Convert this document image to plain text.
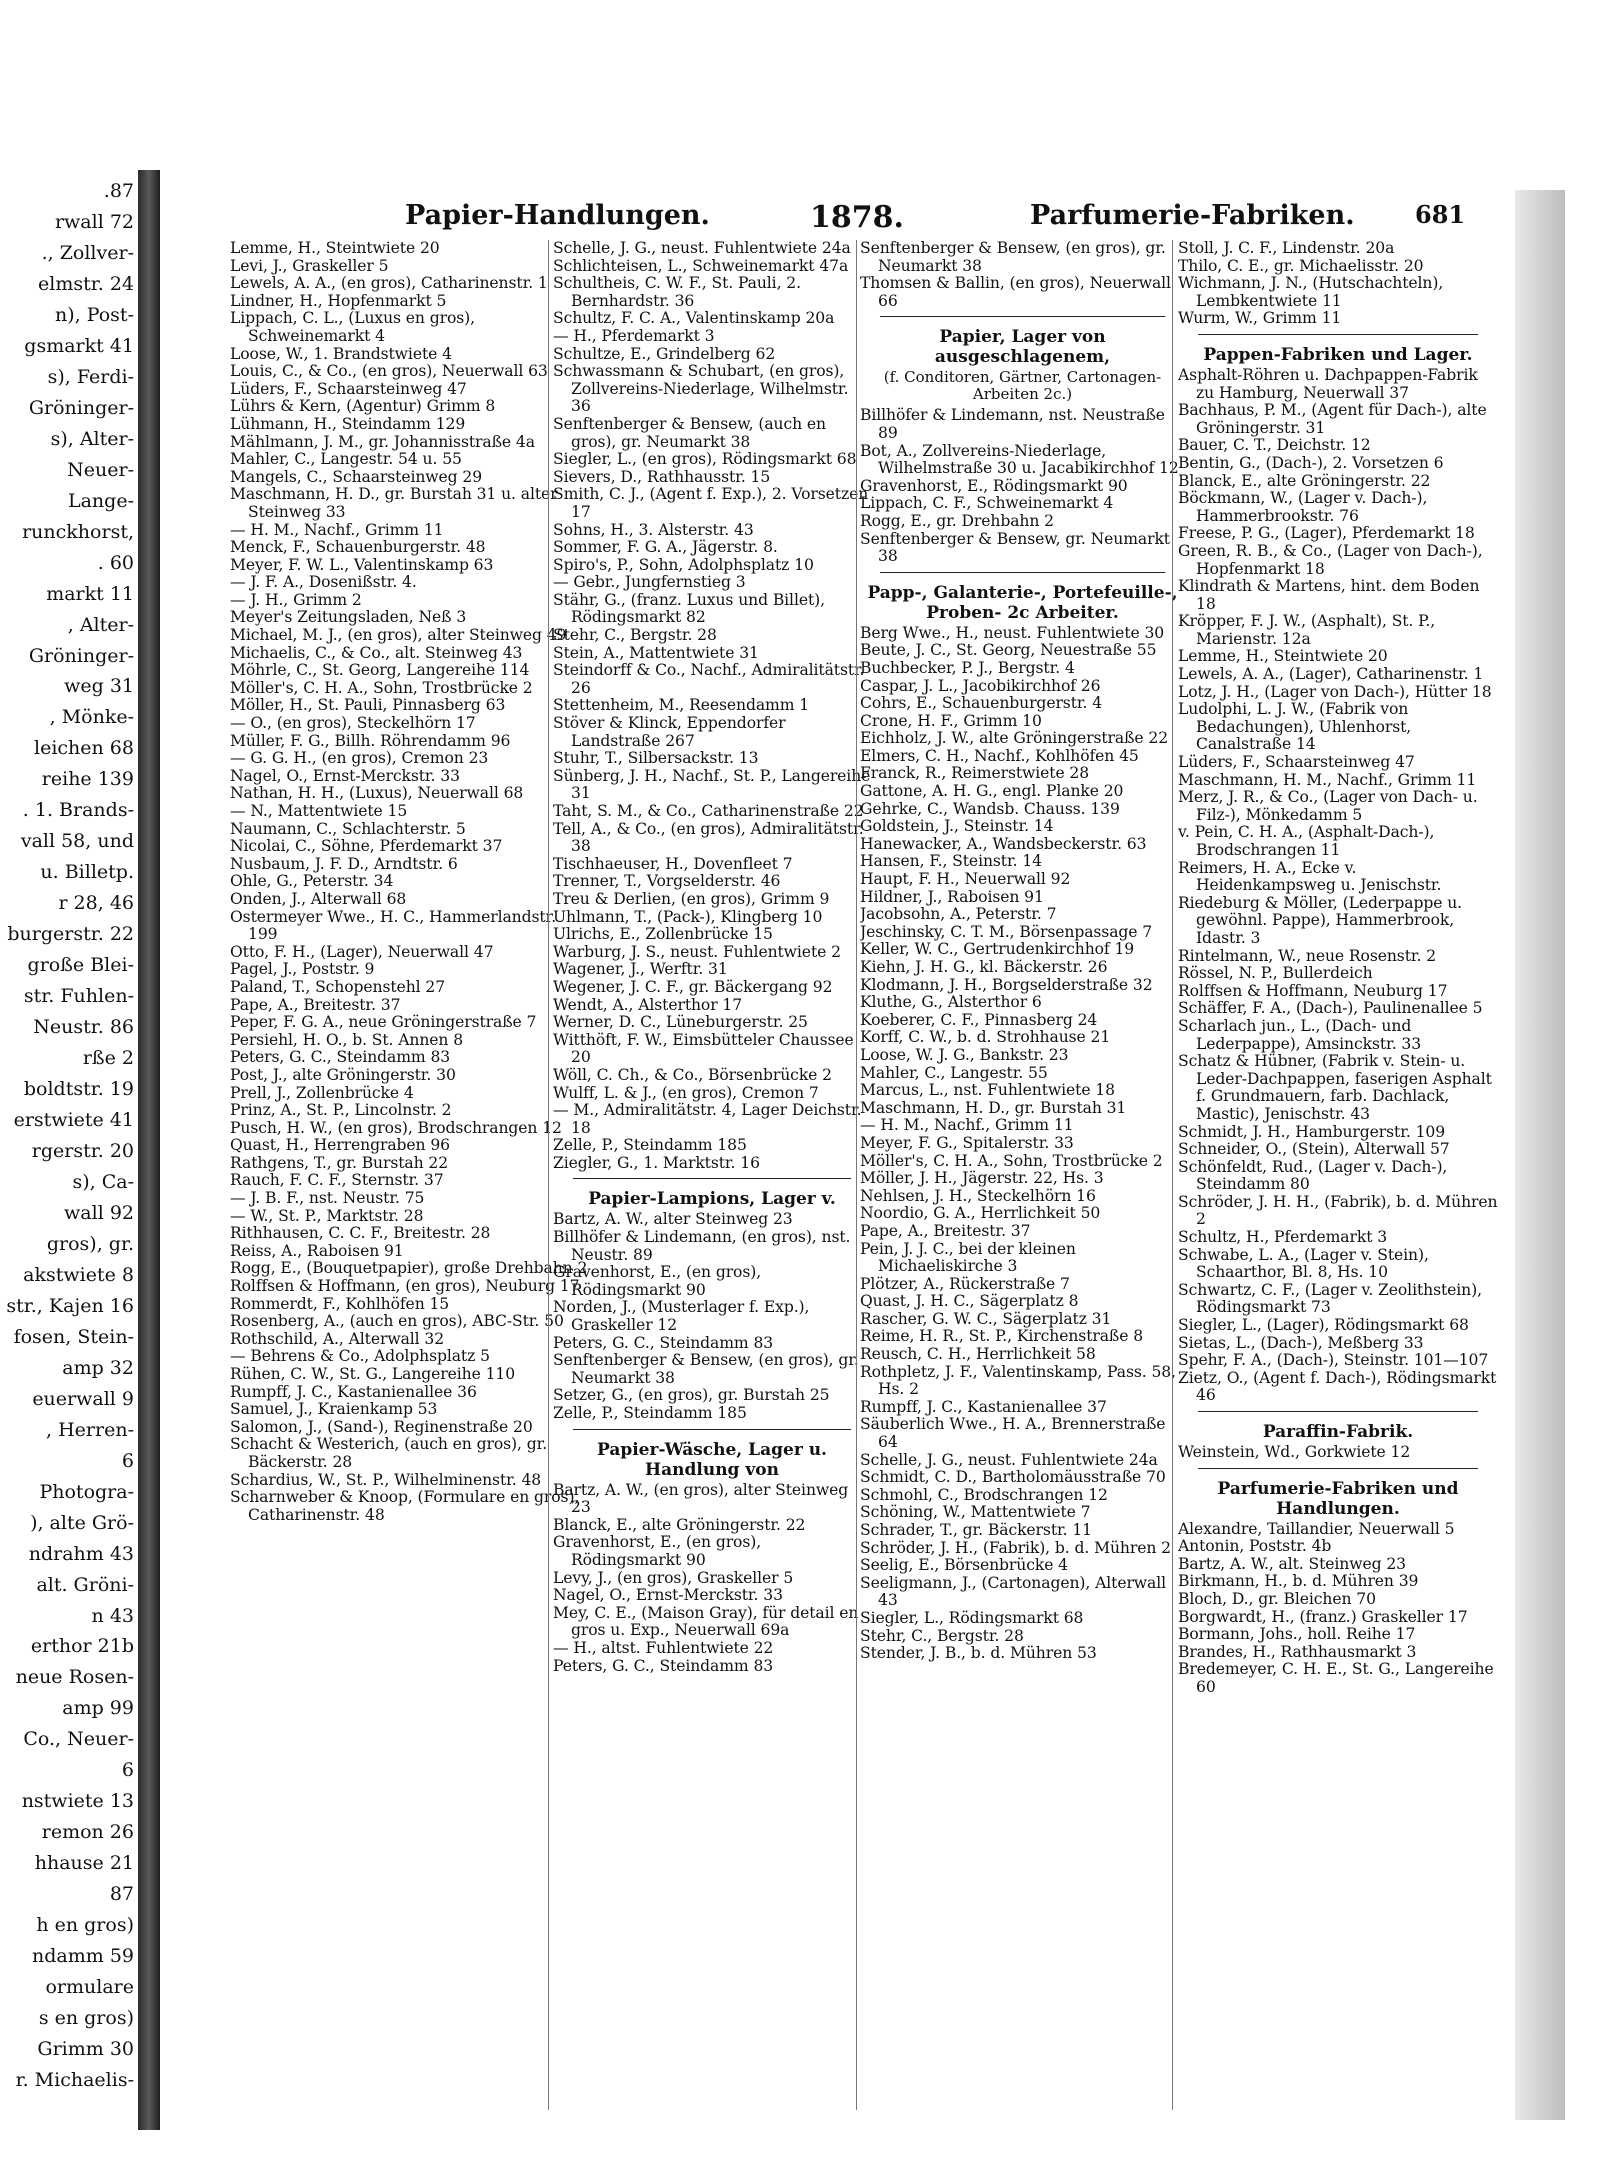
.87
rwall 72
., Zollver-
elmstr. 24
n), Post-
gsmarkt 41
s), Ferdi-
Gröninger-
s), Alter-
Neuer-
Lange-
runckhorst,
. 60
markt 11
, Alter-
Gröninger-
weg 31
, Mönke-
leichen 68
reihe 139
. 1. Brands-
vall 58, und
u. Billetp.
r 28, 46
burgerstr. 22
große Blei-
str. Fuhlen-
Neustr. 86
rße 2
boldtstr. 19
erstwiete 41
rgerstr. 20
s), Ca-
wall 92
gros), gr.
akstwiete 8
str., Kajen 16
fosen, Stein-
amp 32
euerwall 9
, Herren-
6
Photogra-
), alte Grö-
ndrahm 43
alt. Gröni-
n 43
erthor 21b
neue Rosen-
amp 99
Co., Neuer-
6
nstwiete 13
remon 26
hhause 21
87
h en gros)
ndamm 59
ormulare
s en gros)
Grimm 30
r. Michaelis-
Papier-Handlungen.	1878.	Parfumerie-Fabriken.	681

Lemme, H., Steintwiete 20

Levi, J., Graskeller 5

Lewels, A. A., (en gros), Catharinenstr. 1

Lindner, H., Hopfenmarkt 5

Lippach, C. L., (Luxus en gros), Schweinemarkt 4

Loose, W., 1. Brandstwiete 4

Louis, C., & Co., (en gros), Neuerwall 63

Lüders, F., Schaarsteinweg 47

Lührs & Kern, (Agentur) Grimm 8

Lühmann, H., Steindamm 129

Mählmann, J. M., gr. Johannisstraße 4a

Mahler, C., Langestr. 54 u. 55

Mangels, C., Schaarsteinweg 29

Maschmann, H. D., gr. Burstah 31 u. alter Steinweg 33

— H. M., Nachf., Grimm 11

Menck, F., Schauenburgerstr. 48

Meyer, F. W. L., Valentinskamp 63

— J. F. A., Dosenißstr. 4.

— J. H., Grimm 2

Meyer's Zeitungsladen, Neß 3

Michael, M. J., (en gros), alter Steinweg 49

Michaelis, C., & Co., alt. Steinweg 43

Möhrle, C., St. Georg, Langereihe 114

Möller's, C. H. A., Sohn, Trostbrücke 2

Möller, H., St. Pauli, Pinnasberg 63

— O., (en gros), Steckelhörn 17

Müller, F. G., Billh. Röhrendamm 96

— G. G. H., (en gros), Cremon 23

Nagel, O., Ernst-Merckstr. 33

Nathan, H. H., (Luxus), Neuerwall 68

— N., Mattentwiete 15

Naumann, C., Schlachterstr. 5

Nicolai, C., Söhne, Pferdemarkt 37

Nusbaum, J. F. D., Arndtstr. 6

Ohle, G., Peterstr. 34

Onden, J., Alterwall 68

Ostermeyer Wwe., H. C., Hammerlandstr. 199

Otto, F. H., (Lager), Neuerwall 47

Pagel, J., Poststr. 9

Paland, T., Schopenstehl 27

Pape, A., Breitestr. 37

Peper, F. G. A., neue Gröningerstraße 7

Persiehl, H. O., b. St. Annen 8

Peters, G. C., Steindamm 83

Post, J., alte Gröningerstr. 30

Prell, J., Zollenbrücke 4

Prinz, A., St. P., Lincolnstr. 2

Pusch, H. W., (en gros), Brodschrangen 12

Quast, H., Herrengraben 96

Rathgens, T., gr. Burstah 22

Rauch, F. C. F., Sternstr. 37

— J. B. F., nst. Neustr. 75

— W., St. P., Marktstr. 28

Rithhausen, C. C. F., Breitestr. 28

Reiss, A., Raboisen 91

Rogg, E., (Bouquetpapier), große Drehbahn 2

Rolffsen & Hoffmann, (en gros), Neuburg 17

Rommerdt, F., Kohlhöfen 15

Rosenberg, A., (auch en gros), ABC-Str. 50

Rothschild, A., Alterwall 32

— Behrens & Co., Adolphsplatz 5

Rühen, C. W., St. G., Langereihe 110

Rumpff, J. C., Kastanienallee 36

Samuel, J., Kraienkamp 53

Salomon, J., (Sand-), Reginenstraße 20

Schacht & Westerich, (auch en gros), gr. Bäckerstr. 28

Schardius, W., St. P., Wilhelminenstr. 48

Scharnweber & Knoop, (Formulare en gros), Catharinenstr. 48

Schelle, J. G., neust. Fuhlentwiete 24a

Schlichteisen, L., Schweinemarkt 47a

Schultheis, C. W. F., St. Pauli, 2. Bernhardstr. 36

Schultz, F. C. A., Valentinskamp 20a

— H., Pferdemarkt 3

Schultze, E., Grindelberg 62

Schwassmann & Schubart, (en gros), Zollvereins-Niederlage, Wilhelmstr. 36

Senftenberger & Bensew, (auch en gros), gr. Neumarkt 38

Siegler, L., (en gros), Rödingsmarkt 68

Sievers, D., Rathhausstr. 15

Smith, C. J., (Agent f. Exp.), 2. Vorsetzen 17

Sohns, H., 3. Alsterstr. 43

Sommer, F. G. A., Jägerstr. 8.

Spiro's, P., Sohn, Adolphsplatz 10

— Gebr., Jungfernstieg 3

Stähr, G., (franz. Luxus und Billet), Rödingsmarkt 82

Stehr, C., Bergstr. 28

Stein, A., Mattentwiete 31

Steindorff & Co., Nachf., Admiralitätstr. 26

Stettenheim, M., Reesendamm 1

Stöver & Klinck, Eppendorfer Landstraße 267

Stuhr, T., Silbersackstr. 13

Sünberg, J. H., Nachf., St. P., Langereihe 31

Taht, S. M., & Co., Catharinenstraße 22

Tell, A., & Co., (en gros), Admiralitätstr. 38

Tischhaeuser, H., Dovenfleet 7

Trenner, T., Vorgselderstr. 46

Treu & Derlien, (en gros), Grimm 9

Uhlmann, T., (Pack-), Klingberg 10

Ulrichs, E., Zollenbrücke 15

Warburg, J. S., neust. Fuhlentwiete 2

Wagener, J., Werftr. 31

Wegener, J. C. F., gr. Bäckergang 92

Wendt, A., Alsterthor 17

Werner, D. C., Lüneburgerstr. 25

Witthöft, F. W., Eimsbütteler Chaussee 20

Wöll, C. Ch., & Co., Börsenbrücke 2

Wulff, L. & J., (en gros), Cremon 7

— M., Admiralitätstr. 4, Lager Deichstr. 18

Zelle, P., Steindamm 185

Ziegler, G., 1. Marktstr. 16

Papier-Lampions, Lager v.

Bartz, A. W., alter Steinweg 23

Billhöfer & Lindemann, (en gros), nst. Neustr. 89

Gravenhorst, E., (en gros), Rödingsmarkt 90

Norden, J., (Musterlager f. Exp.), Graskeller 12

Peters, G. C., Steindamm 83

Senftenberger & Bensew, (en gros), gr. Neumarkt 38

Setzer, G., (en gros), gr. Burstah 25

Zelle, P., Steindamm 185

Papier-Wäsche, Lager u. Handlung von

Bartz, A. W., (en gros), alter Steinweg 23

Blanck, E., alte Gröningerstr. 22

Gravenhorst, E., (en gros), Rödingsmarkt 90

Levy, J., (en gros), Graskeller 5

Nagel, O., Ernst-Merckstr. 33

Mey, C. E., (Maison Gray), für detail en gros u. Exp., Neuerwall 69a

— H., altst. Fuhlentwiete 22

Peters, G. C., Steindamm 83

Senftenberger & Bensew, (en gros), gr. Neumarkt 38

Thomsen & Ballin, (en gros), Neuerwall 66

Papier, Lager von ausgeschlagenem,

(f. Conditoren, Gärtner, Cartonagen-Arbeiten 2c.)

Billhöfer & Lindemann, nst. Neustraße 89

Bot, A., Zollvereins-Niederlage, Wilhelmstraße 30 u. Jacabikirchhof 12

Gravenhorst, E., Rödingsmarkt 90

Lippach, C. F., Schweinemarkt 4

Rogg, E., gr. Drehbahn 2

Senftenberger & Bensew, gr. Neumarkt 38

Papp-, Galanterie-, Portefeuille-, Proben- 2c Arbeiter.

Berg Wwe., H., neust. Fuhlentwiete 30

Beute, J. C., St. Georg, Neuestraße 55

Buchbecker, P. J., Bergstr. 4

Caspar, J. L., Jacobikirchhof 26

Cohrs, E., Schauenburgerstr. 4

Crone, H. F., Grimm 10

Eichholz, J. W., alte Gröningerstraße 22

Elmers, C. H., Nachf., Kohlhöfen 45

Franck, R., Reimerstwiete 28

Gattone, A. H. G., engl. Planke 20

Gehrke, C., Wandsb. Chauss. 139

Goldstein, J., Steinstr. 14

Hanewacker, A., Wandsbeckerstr. 63

Hansen, F., Steinstr. 14

Haupt, F. H., Neuerwall 92

Hildner, J., Raboisen 91

Jacobsohn, A., Peterstr. 7

Jeschinsky, C. T. M., Börsenpassage 7

Keller, W. C., Gertrudenkirchhof 19

Kiehn, J. H. G., kl. Bäckerstr. 26

Klodmann, J. H., Borgselderstraße 32

Kluthe, G., Alsterthor 6

Koeberer, C. F., Pinnasberg 24

Korff, C. W., b. d. Strohhause 21

Loose, W. J. G., Bankstr. 23

Mahler, C., Langestr. 55

Marcus, L., nst. Fuhlentwiete 18

Maschmann, H. D., gr. Burstah 31

— H. M., Nachf., Grimm 11

Meyer, F. G., Spitalerstr. 33

Möller's, C. H. A., Sohn, Trostbrücke 2

Möller, J. H., Jägerstr. 22, Hs. 3

Nehlsen, J. H., Steckelhörn 16

Noordio, G. A., Herrlichkeit 50

Pape, A., Breitestr. 37

Pein, J. J. C., bei der kleinen Michaeliskirche 3

Plötzer, A., Rückerstraße 7

Quast, J. H. C., Sägerplatz 8

Rascher, G. W. C., Sägerplatz 31

Reime, H. R., St. P., Kirchenstraße 8

Reusch, C. H., Herrlichkeit 58

Rothpletz, J. F., Valentinskamp, Pass. 58, Hs. 2

Rumpff, J. C., Kastanienallee 37

Säuberlich Wwe., H. A., Brennerstraße 64

Schelle, J. G., neust. Fuhlentwiete 24a

Schmidt, C. D., Bartholomäusstraße 70

Schmohl, C., Brodschrangen 12

Schöning, W., Mattentwiete 7

Schrader, T., gr. Bäckerstr. 11

Schröder, J. H., (Fabrik), b. d. Mühren 2

Seelig, E., Börsenbrücke 4

Seeligmann, J., (Cartonagen), Alterwall 43

Siegler, L., Rödingsmarkt 68

Stehr, C., Bergstr. 28

Stender, J. B., b. d. Mühren 53

Stoll, J. C. F., Lindenstr. 20a

Thilo, C. E., gr. Michaelisstr. 20

Wichmann, J. N., (Hutschachteln), Lembkentwiete 11

Wurm, W., Grimm 11

Pappen-Fabriken und Lager.

Asphalt-Röhren u. Dachpappen-Fabrik zu Hamburg, Neuerwall 37

Bachhaus, P. M., (Agent für Dach-), alte Gröningerstr. 31

Bauer, C. T., Deichstr. 12

Bentin, G., (Dach-), 2. Vorsetzen 6

Blanck, E., alte Gröningerstr. 22

Böckmann, W., (Lager v. Dach-), Hammerbrookstr. 76

Freese, P. G., (Lager), Pferdemarkt 18

Green, R. B., & Co., (Lager von Dach-), Hopfenmarkt 18

Klindrath & Martens, hint. dem Boden 18

Kröpper, F. J. W., (Asphalt), St. P., Marienstr. 12a

Lemme, H., Steintwiete 20

Lewels, A. A., (Lager), Catharinenstr. 1

Lotz, J. H., (Lager von Dach-), Hütter 18

Ludolphi, L. J. W., (Fabrik von Bedachungen), Uhlenhorst, Canalstraße 14

Lüders, F., Schaarsteinweg 47

Maschmann, H. M., Nachf., Grimm 11

Merz, J. R., & Co., (Lager von Dach- u. Filz-), Mönkedamm 5

v. Pein, C. H. A., (Asphalt-Dach-), Brodschrangen 11

Reimers, H. A., Ecke v. Heidenkampsweg u. Jenischstr.

Riedeburg & Möller, (Lederpappe u. gewöhnl. Pappe), Hammerbrook, Idastr. 3

Rintelmann, W., neue Rosenstr. 2

Rössel, N. P., Bullerdeich

Rolffsen & Hoffmann, Neuburg 17

Schäffer, F. A., (Dach-), Paulinenallee 5

Scharlach jun., L., (Dach- und Lederpappe), Amsinckstr. 33

Schatz & Hübner, (Fabrik v. Stein- u. Leder-Dachpappen, faserigen Asphalt f. Grundmauern, farb. Dachlack, Mastic), Jenischstr. 43

Schmidt, J. H., Hamburgerstr. 109

Schneider, O., (Stein), Alterwall 57

Schönfeldt, Rud., (Lager v. Dach-), Steindamm 80

Schröder, J. H. H., (Fabrik), b. d. Mühren 2

Schultz, H., Pferdemarkt 3

Schwabe, L. A., (Lager v. Stein), Schaarthor, Bl. 8, Hs. 10

Schwartz, C. F., (Lager v. Zeolithstein), Rödingsmarkt 73

Siegler, L., (Lager), Rödingsmarkt 68

Sietas, L., (Dach-), Meßberg 33

Spehr, F. A., (Dach-), Steinstr. 101—107

Zietz, O., (Agent f. Dach-), Rödingsmarkt 46

Paraffin-Fabrik.

Weinstein, Wd., Gorkwiete 12

Parfumerie-Fabriken und Handlungen.

Alexandre, Taillandier, Neuerwall 5

Antonin, Poststr. 4b

Bartz, A. W., alt. Steinweg 23

Birkmann, H., b. d. Mühren 39

Bloch, D., gr. Bleichen 70

Borgwardt, H., (franz.) Graskeller 17

Bormann, Johs., holl. Reihe 17

Brandes, H., Rathhausmarkt 3

Bredemeyer, C. H. E., St. G., Langereihe 60
